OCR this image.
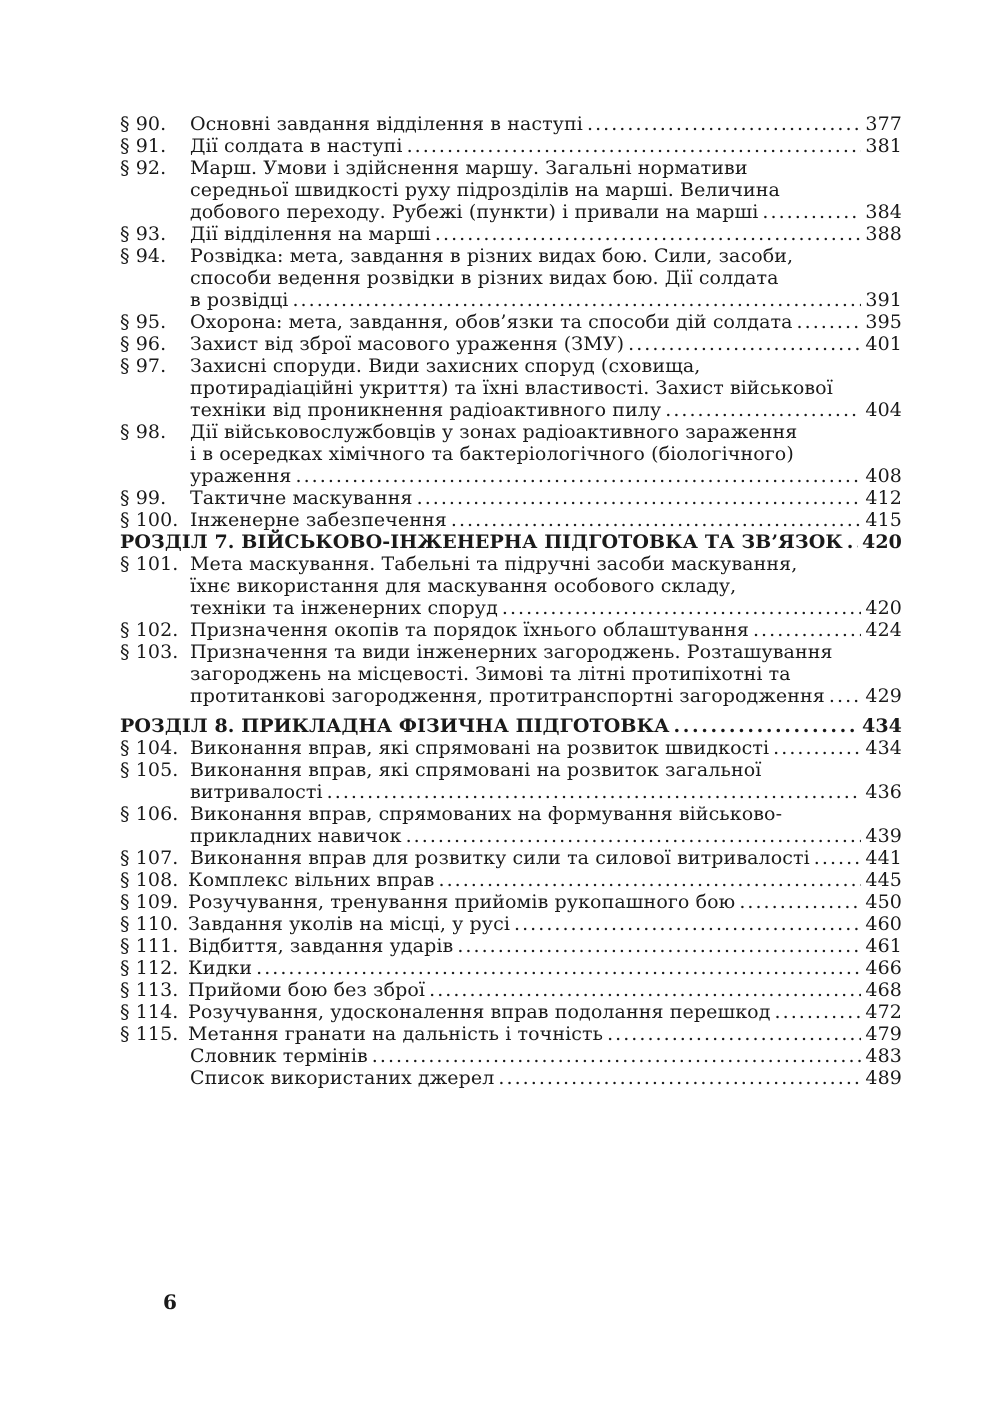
§ 90.	Основні завдання відділення в наступі . . .	377
§ 91.	Дії солдата в наступі . . .	381
§ 92.	Марш. Умови і здійснення маршу. Загальні нормативи
середньої швидкості руху підрозділів на марші. Величина
добового переходу. Рубежі (пункти) і привали на марші . . .	384
§ 93.	Дії відділення на марші . . .	388
§ 94.	Розвідка: мета, завдання в різних видах бою. Сили, засоби,
способи ведення розвідки в різних видах бою. Дії солдата
в розвідці . . .	391
§ 95.	Охорона: мета, завдання, обов’язки та способи дій солдата . . .	395
§ 96.	Захист від зброї масового ураження (ЗМУ) . . .	401
§ 97.	Захисні споруди. Види захисних споруд (сховища,
протирадіаційні укриття) та їхні властивості. Захист військової
техніки від проникнення радіоактивного пилу . . .	404
§ 98.	Дії військовослужбовців у зонах радіоактивного зараження
і в осередках хімічного та бактеріологічного (біологічного)
ураження . . .	408
§ 99.	Тактичне маскування . . .	412
§ 100. Інженерне забезпечення . . .	415
РОЗДІЛ 7. ВІЙСЬКОВО-ІНЖЕНЕРНА ПІДГОТОВКА ТА ЗВ’ЯЗОК . . . 420
§ 101. Мета маскування. Табельні та підручні засоби маскування,
їхнє використання для маскування особового складу,
техніки та інженерних споруд . . .	420
§ 102. Призначення окопів та порядок їхнього облаштування . . .	424
§ 103. Призначення та види інженерних загороджень. Розташування
загороджень на місцевості. Зимові та літні протипіхотні та
протитанкові загородження, протитранспортні загородження . . . 429
РОЗДІЛ 8. ПРИКЛАДНА ФІЗИЧНА ПІДГОТОВКА . . .	434
§ 104. Виконання вправ, які спрямовані на розвиток швидкості . . .	434
§ 105. Виконання вправ, які спрямовані на розвиток загальної
витривалості . . .	436
§ 106. Виконання вправ, спрямованих на формування військово-
прикладних навичок . . .	439
§ 107. Виконання вправ для розвитку сили та силової витривалості . . .	441
§ 108. Комплекс вільних вправ . . .	445
§ 109. Розучування, тренування прийомів рукопашного бою . . .	450
§ 110. Завдання уколів на місці, у русі . . .	460
§ 111. Відбиття, завдання ударів . . .	461
§ 112. Кидки . . .	466
§ 113. Прийоми бою без зброї . . .	468
§ 114. Розучування, удосконалення вправ подолання перешкод . . .	472
§ 115. Метання гранати на дальність і точність . . .	479
Словник термінів . . .	483
Список використаних джерел . . .	489
6
